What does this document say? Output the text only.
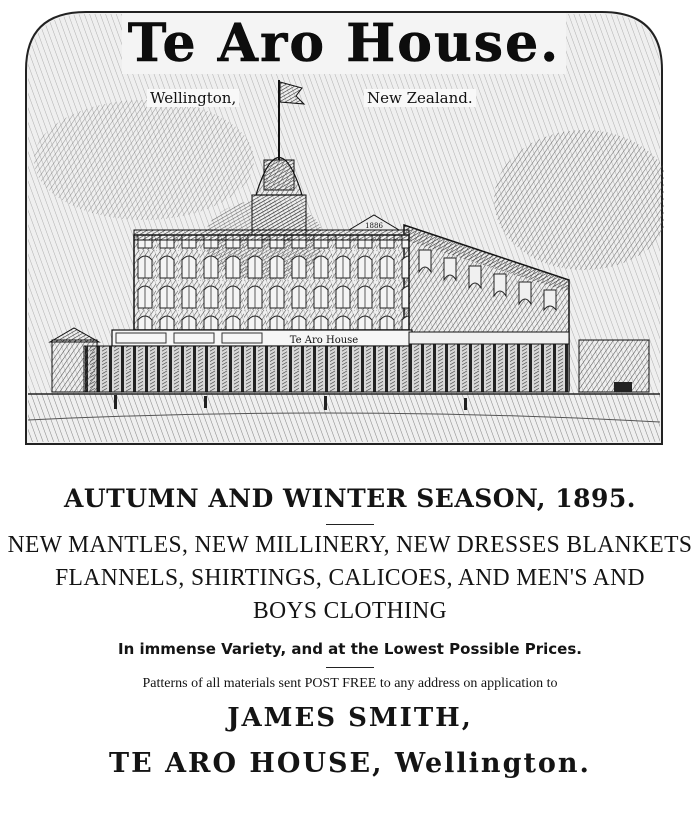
1886
Te Aro House
Te Aro House.
Wellington,	New Zealand.
AUTUMN AND WINTER SEASON, 1895.
NEW MANTLES, NEW MILLINERY, NEW DRESSES BLANKETS
FLANNELS, SHIRTINGS, CALICOES, AND MEN'S AND
BOYS CLOTHING
In immense Variety, and at the Lowest Possible Prices.
Patterns of all materials sent POST FREE to any address on application to
JAMES SMITH,
TE ARO HOUSE, Wellington.
